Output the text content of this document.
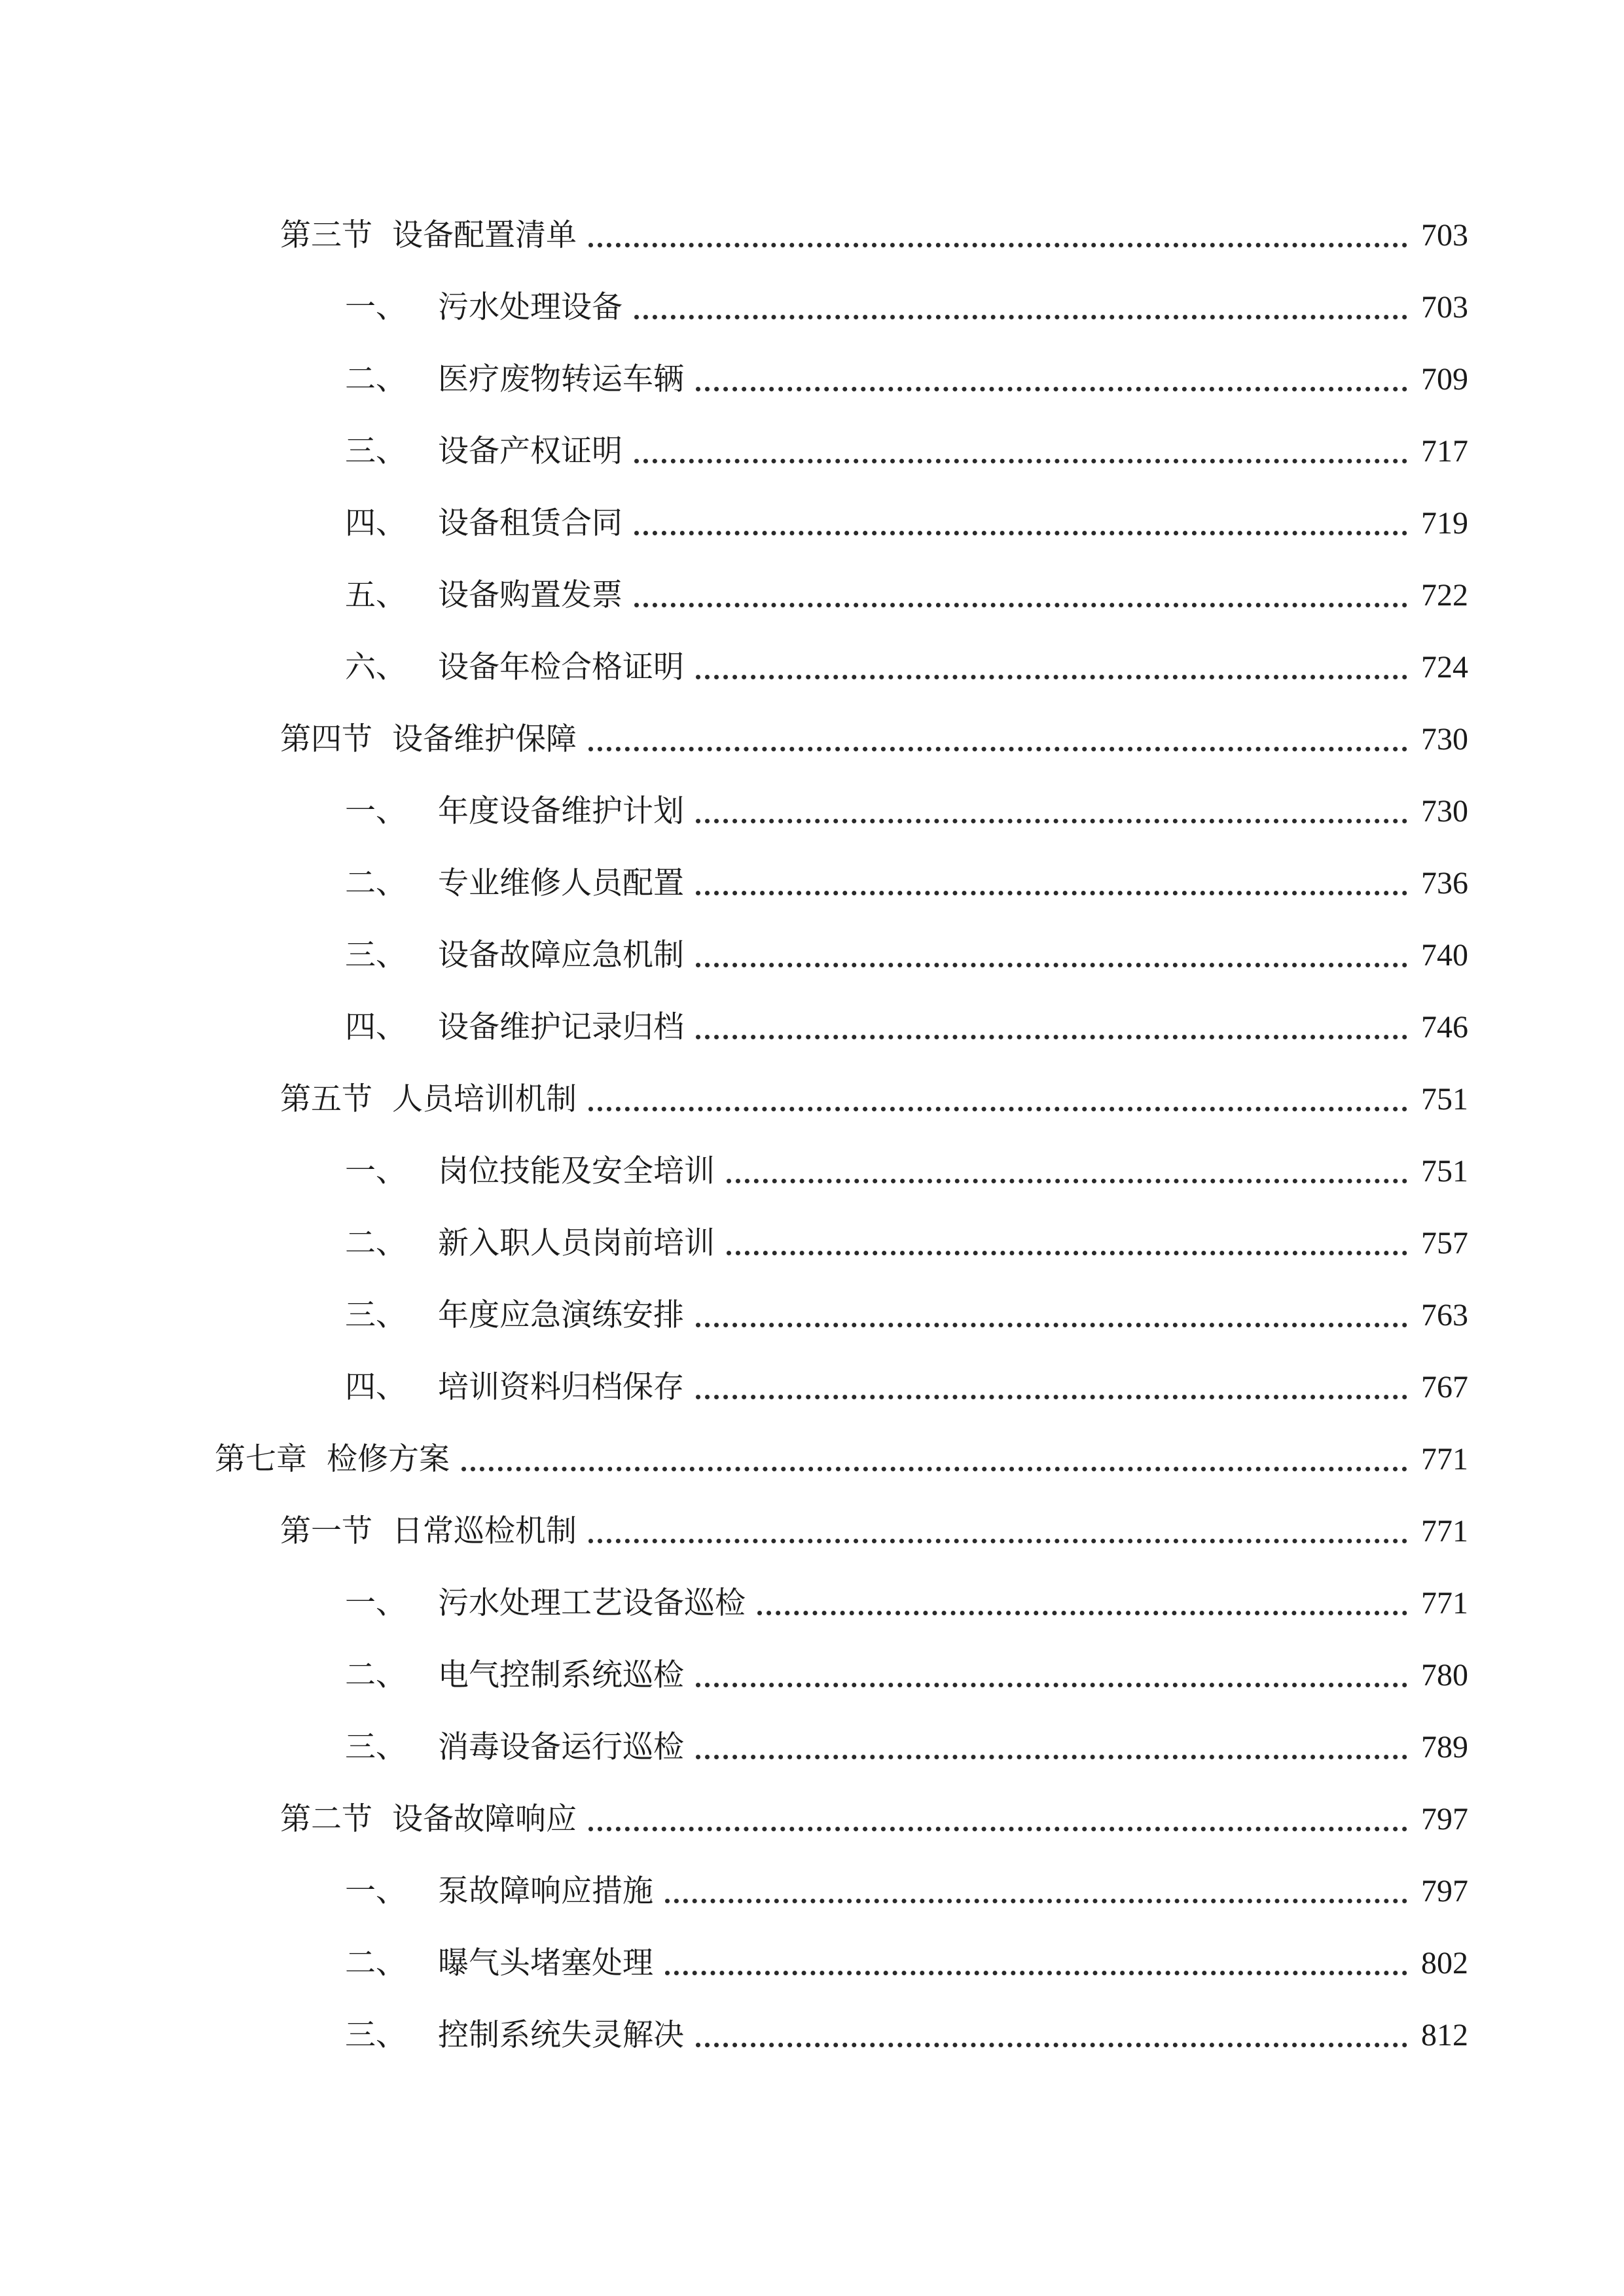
第三节 设备配置清单	703
一、 污水处理设备	703
二、 医疗废物转运车辆	709
三、 设备产权证明	717
四、 设备租赁合同	719
五、 设备购置发票	722
六、 设备年检合格证明	724
第四节 设备维护保障	730
一、 年度设备维护计划	730
二、 专业维修人员配置	736
三、 设备故障应急机制	740
四、 设备维护记录归档	746
第五节 人员培训机制	751
一、 岗位技能及安全培训	751
二、 新入职人员岗前培训	757
三、 年度应急演练安排	763
四、 培训资料归档保存	767
第七章 检修方案	771
第一节 日常巡检机制	771
一、 污水处理工艺设备巡检	771
二、 电气控制系统巡检	780
三、 消毒设备运行巡检	789
第二节 设备故障响应	797
一、 泵故障响应措施	797
二、 曝气头堵塞处理	802
三、 控制系统失灵解决	812
